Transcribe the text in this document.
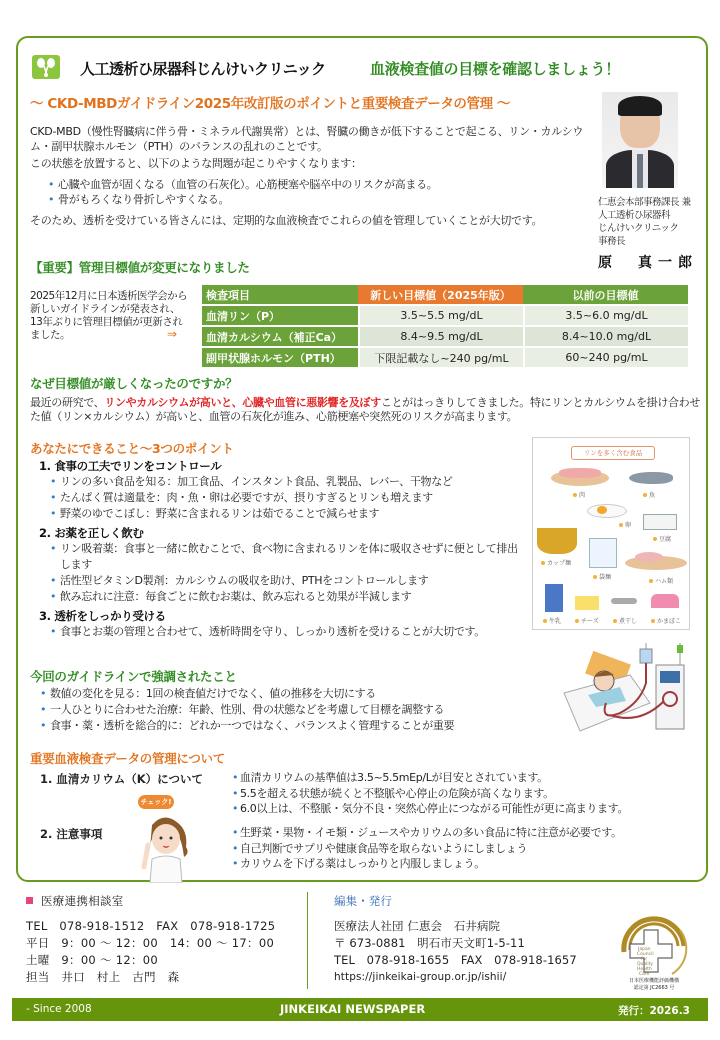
人工透析ひ尿器科じんけいクリニック	血液検査値の目標を確認しましょう！
～ CKD-MBDガイドライン2025年改訂版のポイントと重要検査データの管理 ～

CKD-MBD（慢性腎臓病に伴う骨・ミネラル代謝異常）とは、腎臓の働きが低下することで起こる、リン・カルシウム・副甲状腺ホルモン（PTH）のバランスの乱れのことです。

この状態を放置すると、以下のような問題が起こりやすくなります：

• 心臓や血管が固くなる（血管の石灰化）。心筋梗塞や脳卒中のリスクが高まる。
• 骨がもろくなり骨折しやすくなる。

そのため、透析を受けている皆さんには、定期的な血液検査でこれらの値を管理していくことが大切です。

仁恵会本部事務課長 兼
人工透析ひ尿器科
じんけいクリニック
事務長
原　真一郎
【重要】管理目標値が変更になりました
2025年12月に日本透析医学会から新しいガイドラインが発表され、13年ぶりに管理目標値が更新されました。	⇒
検査項目	新しい目標値（2025年版）	以前の目標値
血清リン（P）	3.5~5.5 mg/dL	3.5~6.0 mg/dL
血清カルシウム（補正Ca）	8.4~9.5 mg/dL	8.4~10.0 mg/dL
副甲状腺ホルモン（PTH）	下限記載なし~240 pg/mL	60~240 pg/mL
なぜ目標値が厳しくなったのですか？
最近の研究で、リンやカルシウムが高いと、心臓や血管に悪影響を及ぼすことがはっきりしてきました。特にリンとカルシウムを掛け合わせた値（リン×カルシウム）が高いと、血管の石灰化が進み、心筋梗塞や突然死のリスクが高まります。
あなたにできること～3つのポイント
1. 食事の工夫でリンをコントロール
• リンの多い食品を知る：加工食品、インスタント食品、乳製品、レバー、干物など
• たんぱく質は適量を：肉・魚・卵は必要ですが、摂りすぎるとリンも増えます
• 野菜のゆでこぼし：野菜に含まれるリンは茹でることで減らせます
2. お薬を正しく飲む
• リン吸着薬：食事と一緒に飲むことで、食べ物に含まれるリンを体に吸収させずに便として排出します
• 活性型ビタミンD製剤：カルシウムの吸収を助け、PTHをコントロールします
• 飲み忘れに注意：毎食ごとに飲むお薬は、飲み忘れると効果が半減します
3. 透析をしっかり受ける
• 食事とお薬の管理と合わせて、透析時間を守り、しっかり透析を受けることが大切です。
リンを多く含む食品
肉	魚
卵
豆腐
カップ麺
袋麺
ハム類
牛乳	チーズ	煮干し	かまぼこ
今回のガイドラインで強調されたこと
• 数値の変化を見る：1回の検査値だけでなく、値の推移を大切にする
• 一人ひとりに合わせた治療：年齢、性別、骨の状態などを考慮して目標を調整する
• 食事・薬・透析を総合的に：どれか一つではなく、バランスよく管理することが重要
重要血液検査データの管理について
1. 血清カリウム（K）について	• 血清カリウムの基準値は3.5~5.5mEp/Lが目安とされています。
• 5.5を超える状態が続くと不整脈や心停止の危険が高くなります。
• 6.0以上は、不整脈・気分不良・突然心停止につながる可能性が更に高まります。
2. 注意事項	• 生野菜・果物・イモ類・ジュースやカリウムの多い食品に特に注意が必要です。
• 自己判断でサプリや健康食品等を取らないようにしましょう
• カリウムを下げる薬はしっかりと内服しましょう。
チェック!
医療連携相談室
TEL　078-918-1512　FAX　078-918-1725
平日　9：00 ～ 12：00　14：00 ～ 17：00
土曜　9：00 ～ 12：00
担当　井口　村上　古門　森
編集・発行
医療法人社団 仁恵会　石井病院
〒 673-0881　明石市天文町1-5-11
TEL　078-918-1655　FAX　078-918-1657
https://jinkeikai-group.or.jp/ishii/
Japan
Council
for
Quality
Health
Care
日本医療機能評価機構
認定第 JC2663 号
- Since 2008	JINKEIKAI NEWSPAPER	発行：2026.3
